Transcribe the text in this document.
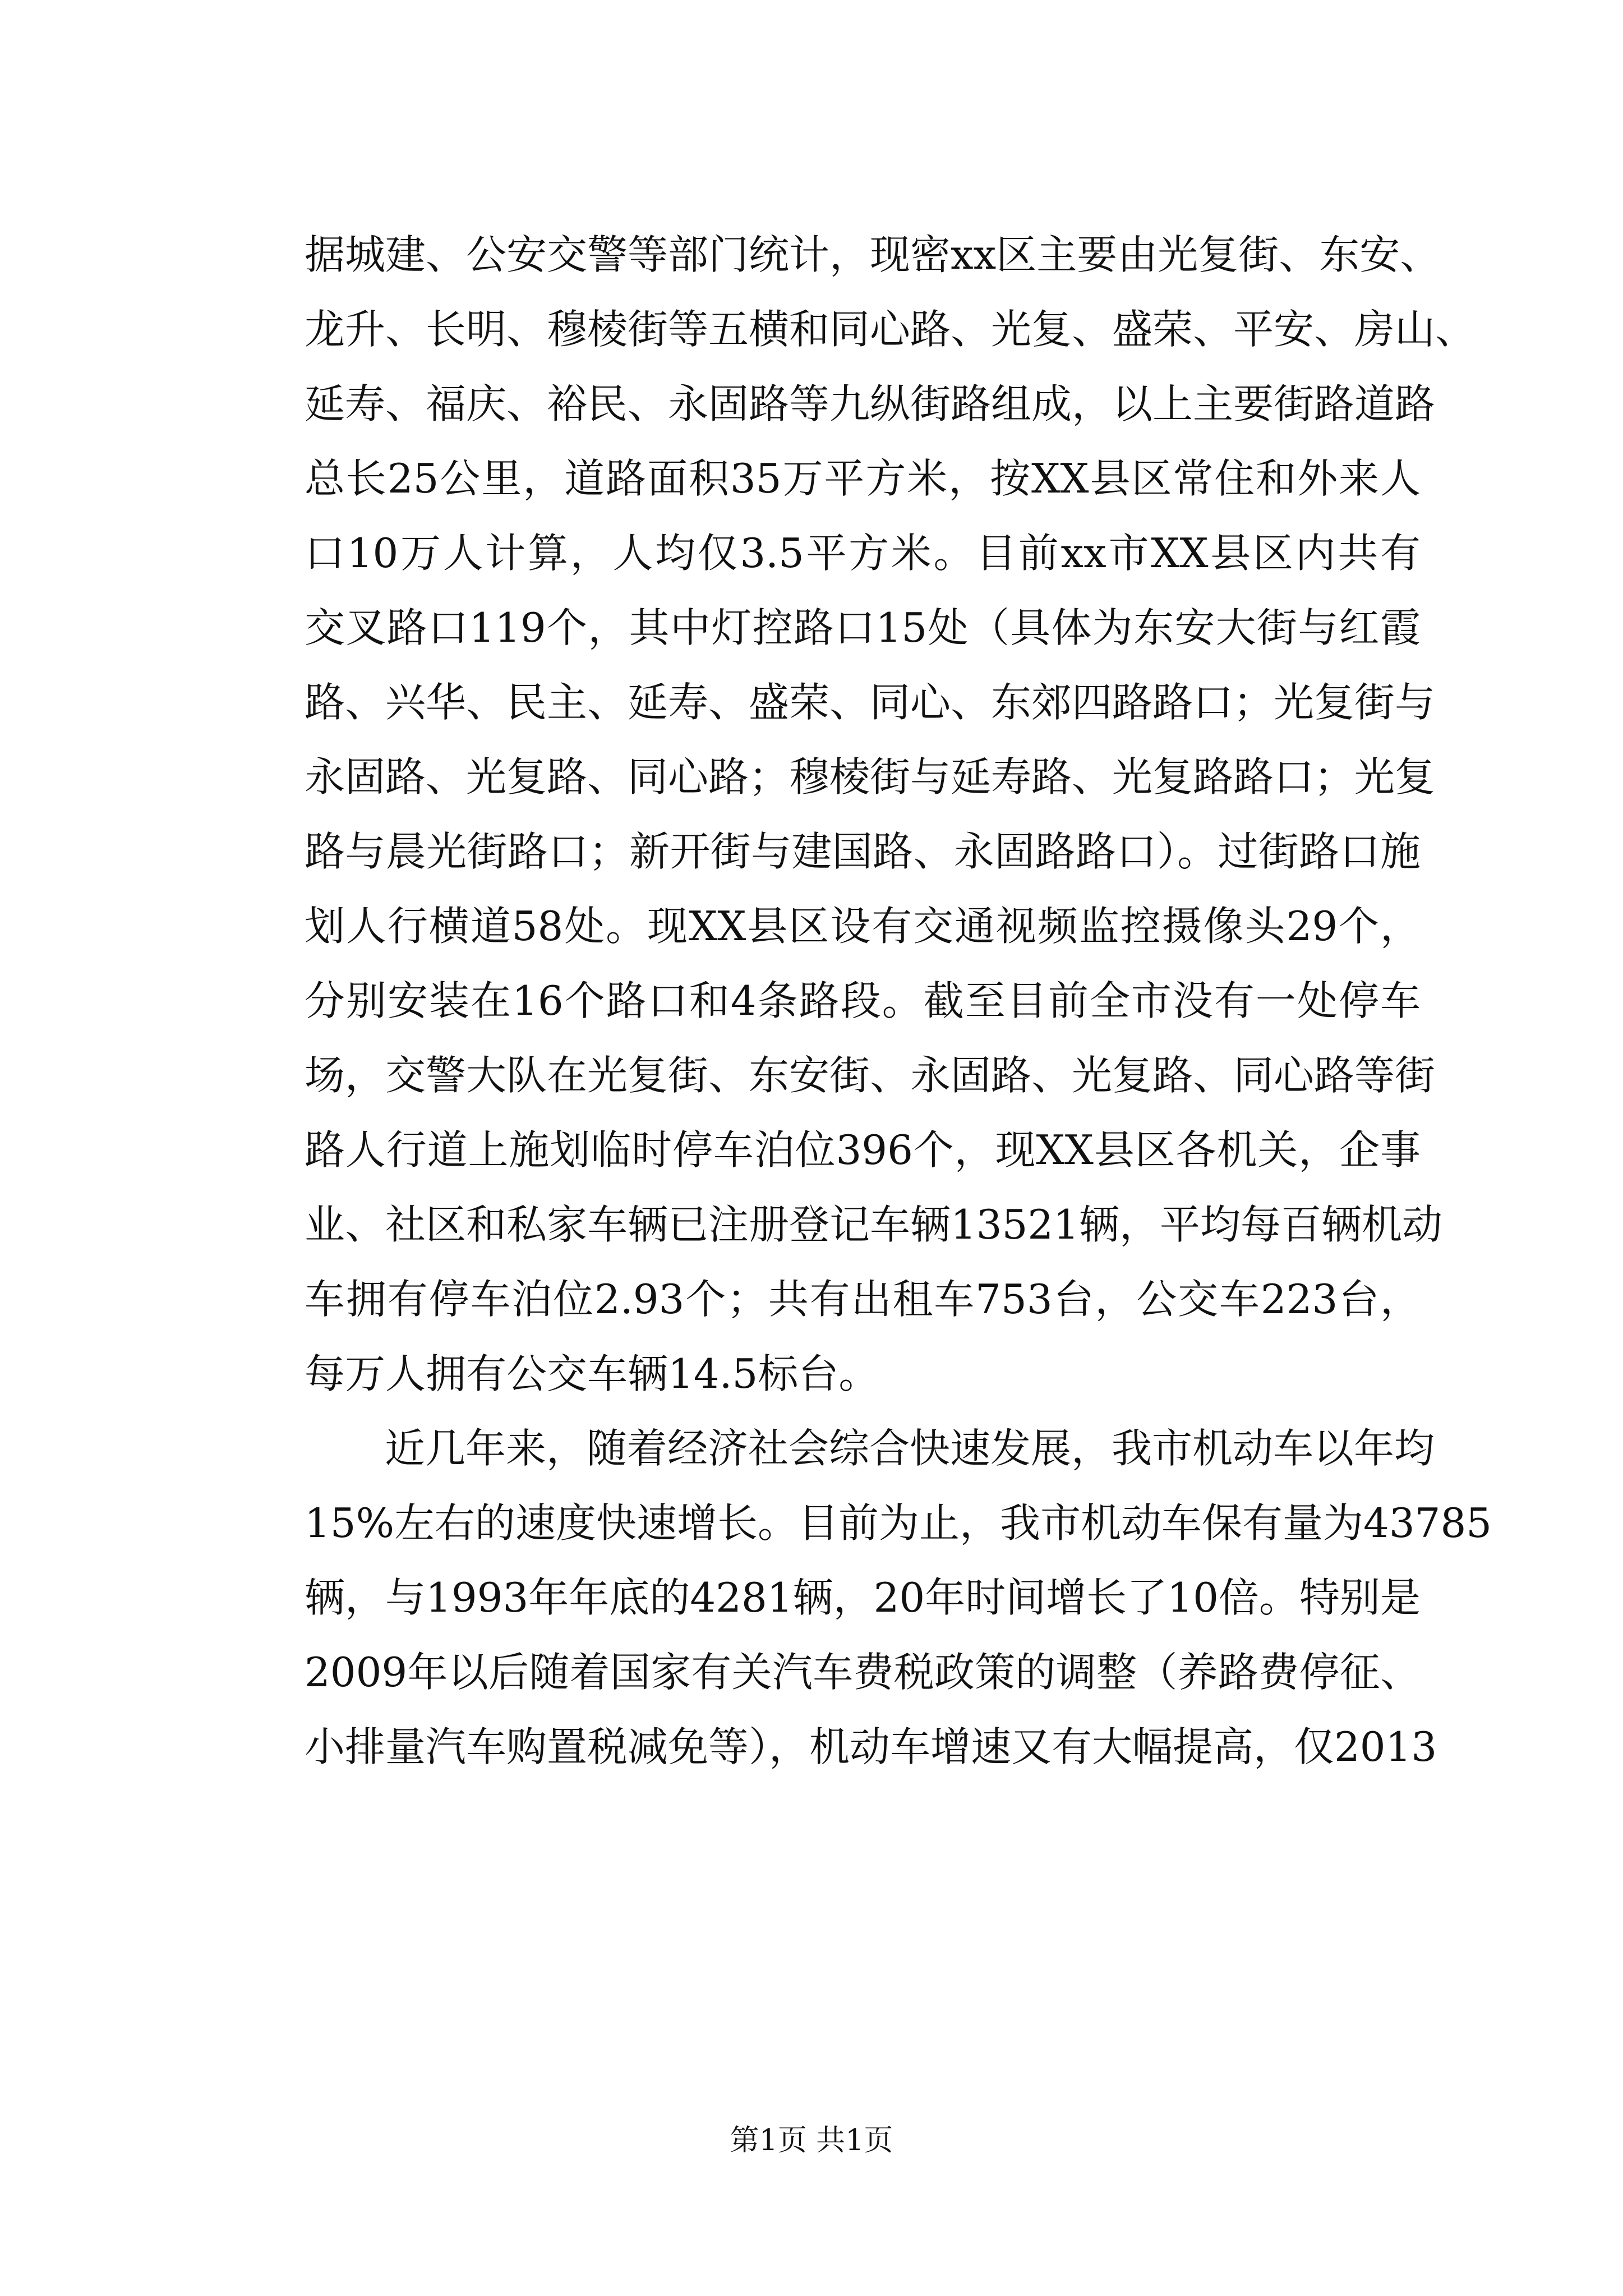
据城建、公安交警等部门统计，现密xx区主要由光复街、东安、
龙升、长明、穆棱街等五横和同心路、光复、盛荣、平安、房山、
延寿、福庆、裕民、永固路等九纵街路组成，以上主要街路道路
总长25公里，道路面积35万平方米，按XX县区常住和外来人
口10万人计算，人均仅3.5平方米。目前xx市XX县区内共有
交叉路口119个，其中灯控路口15处（具体为东安大街与红霞
路、兴华、民主、延寿、盛荣、同心、东郊四路路口；光复街与
永固路、光复路、同心路；穆棱街与延寿路、光复路路口；光复
路与晨光街路口；新开街与建国路、永固路路口）。过街路口施
划人行横道58处。现XX县区设有交通视频监控摄像头29个，
分别安装在16个路口和4条路段。截至目前全市没有一处停车
场，交警大队在光复街、东安街、永固路、光复路、同心路等街
路人行道上施划临时停车泊位396个，现XX县区各机关，企事
业、社区和私家车辆已注册登记车辆13521辆，平均每百辆机动
车拥有停车泊位2.93个；共有出租车753台，公交车223台，
每万人拥有公交车辆14.5标台。
近几年来，随着经济社会综合快速发展，我市机动车以年均
15%左右的速度快速增长。目前为止，我市机动车保有量为43785
辆，与1993年年底的4281辆，20年时间增长了10倍。特别是
2009年以后随着国家有关汽车费税政策的调整（养路费停征、
小排量汽车购置税减免等），机动车增速又有大幅提高，仅2013
第1页 共1页
